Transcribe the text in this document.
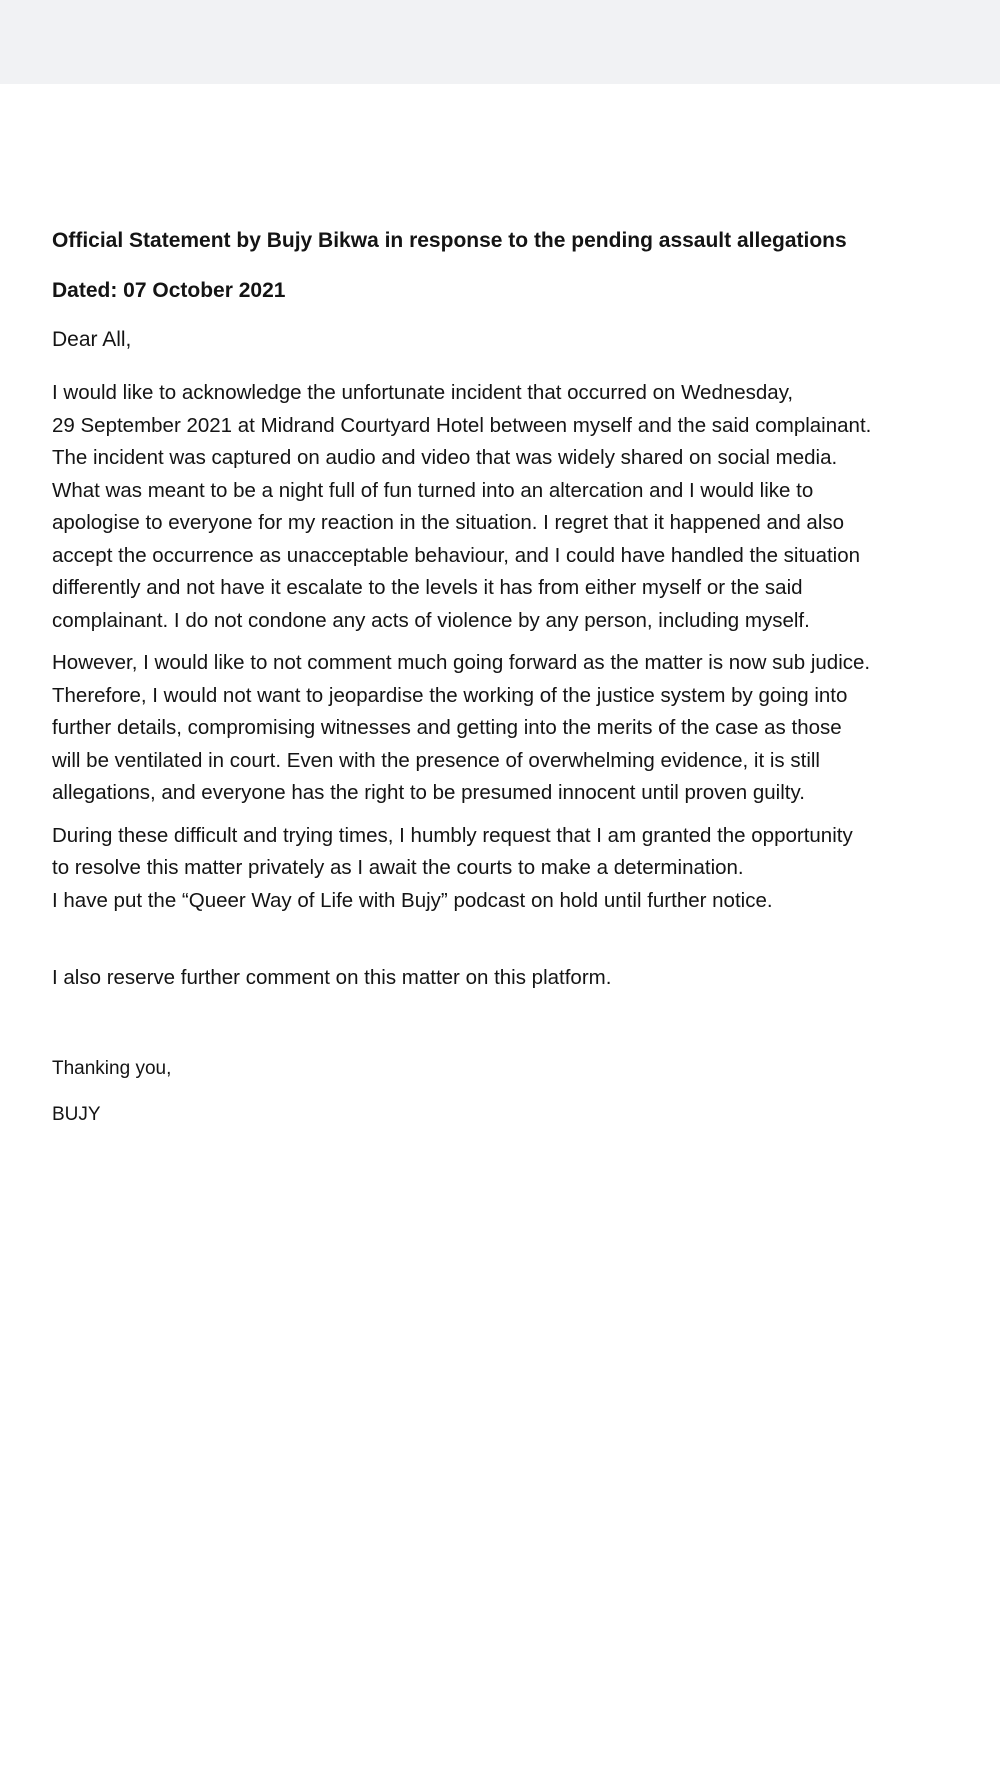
Official Statement by Bujy Bikwa in response to the pending assault allegations

Dated: 07 October 2021

Dear All,

I would like to acknowledge the unfortunate incident that occurred on Wednesday,
29 September 2021 at Midrand Courtyard Hotel between myself and the said complainant.
The incident was captured on audio and video that was widely shared on social media.
What was meant to be a night full of fun turned into an altercation and I would like to
apologise to everyone for my reaction in the situation. I regret that it happened and also
accept the occurrence as unacceptable behaviour, and I could have handled the situation
differently and not have it escalate to the levels it has from either myself or the said
complainant. I do not condone any acts of violence by any person, including myself.
However, I would like to not comment much going forward as the matter is now sub judice.
Therefore, I would not want to jeopardise the working of the justice system by going into
further details, compromising witnesses and getting into the merits of the case as those
will be ventilated in court. Even with the presence of overwhelming evidence, it is still
allegations, and everyone has the right to be presumed innocent until proven guilty.
During these difficult and trying times, I humbly request that I am granted the opportunity
to resolve this matter privately as I await the courts to make a determination.
I have put the “Queer Way of Life with Bujy” podcast on hold until further notice.

I also reserve further comment on this matter on this platform.

Thanking you,

BUJY
